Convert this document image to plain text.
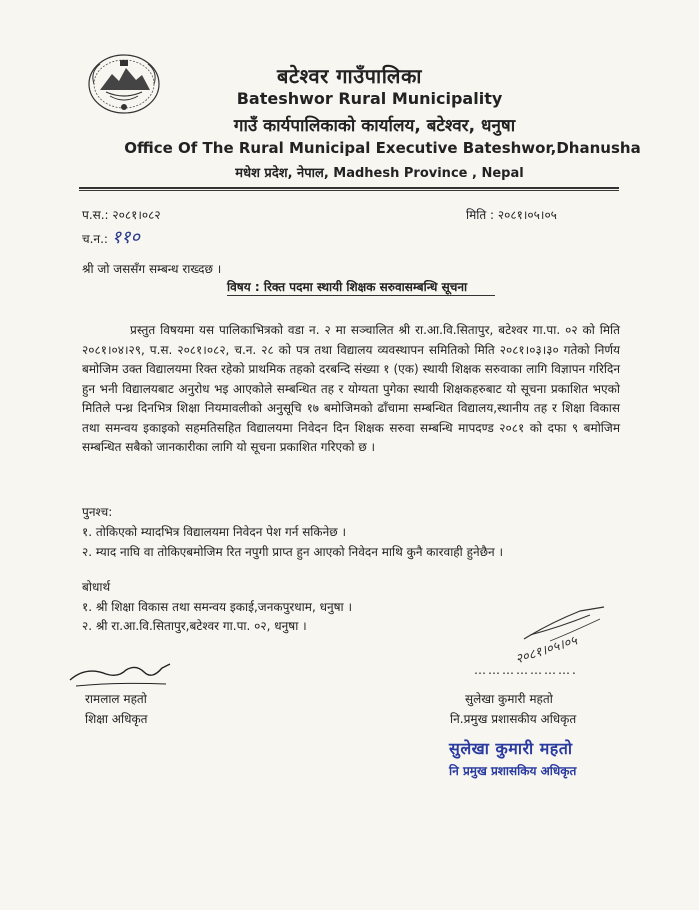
बटेश्वर गाउँपालिका
Bateshwor Rural Municipality
गाउँ कार्यपालिकाको कार्यालय, बटेश्वर, धनुषा
Office Of The Rural Municipal Executive Bateshwor,Dhanusha
मधेश प्रदेश, नेपाल, Madhesh Province , Nepal
प.स.: २०८१।०८२
च.न.: ११०
मिति : २०८१।०५।०५
श्री जो जससँग सम्बन्ध राख्दछ ।
विषय : रिक्त पदमा स्थायी शिक्षक सरुवासम्बन्धि सूचना
प्रस्तुत विषयमा यस पालिकाभित्रको वडा न. २ मा सञ्चालित श्री रा.आ.वि.सितापुर, बटेश्वर गा.पा. ०२ को मिति २०८१।०४।२९, प.स. २०८१।०८२, च.न. २८ को पत्र तथा विद्यालय व्यवस्थापन समितिको मिति २०८१।०३।३० गतेको निर्णय बमोजिम उक्त विद्यालयमा रिक्त रहेको प्राथमिक तहको दरबन्दि संख्या १ (एक) स्थायी शिक्षक सरुवाका लागि विज्ञापन गरिदिन हुन भनी विद्यालयबाट अनुरोध भइ आएकोले सम्बन्धित तह र योग्यता पुगेका स्थायी शिक्षकहरुबाट यो सूचना प्रकाशित भएको मितिले पन्ध्र दिनभित्र शिक्षा नियमावलीको अनुसूचि १७ बमोजिमको ढाँचामा सम्बन्धित विद्यालय,स्थानीय तह र शिक्षा विकास तथा समन्वय इकाइको सहमतिसहित विद्यालयमा निवेदन दिन शिक्षक सरुवा सम्बन्धि मापदण्ड २०८१ को दफा ९ बमोजिम सम्बन्धित सबैको जानकारीका लागि यो सूचना प्रकाशित गरिएको छ ।
पुनश्च:
१. तोकिएको म्यादभित्र विद्यालयमा निवेदन पेश गर्न सकिनेछ ।
२. म्याद नाघि वा तोकिएबमोजिम रित नपुगी प्राप्त हुन आएको निवेदन माथि कुनै कारवाही हुनेछैन ।
बोधार्थ
१. श्री शिक्षा विकास तथा समन्वय इकाई,जनकपुरधाम, धनुषा ।
२. श्री रा.आ.वि.सितापुर,बटेश्वर गा.पा. ०२, धनुषा ।
रामलाल महतो
शिक्षा अधिकृत
२०८१।०५।०५
………………….
सुलेखा कुमारी महतो
नि.प्रमुख प्रशासकीय अधिकृत
सुलेखा कुमारी महतो
नि प्रमुख प्रशासकिय अधिकृत
